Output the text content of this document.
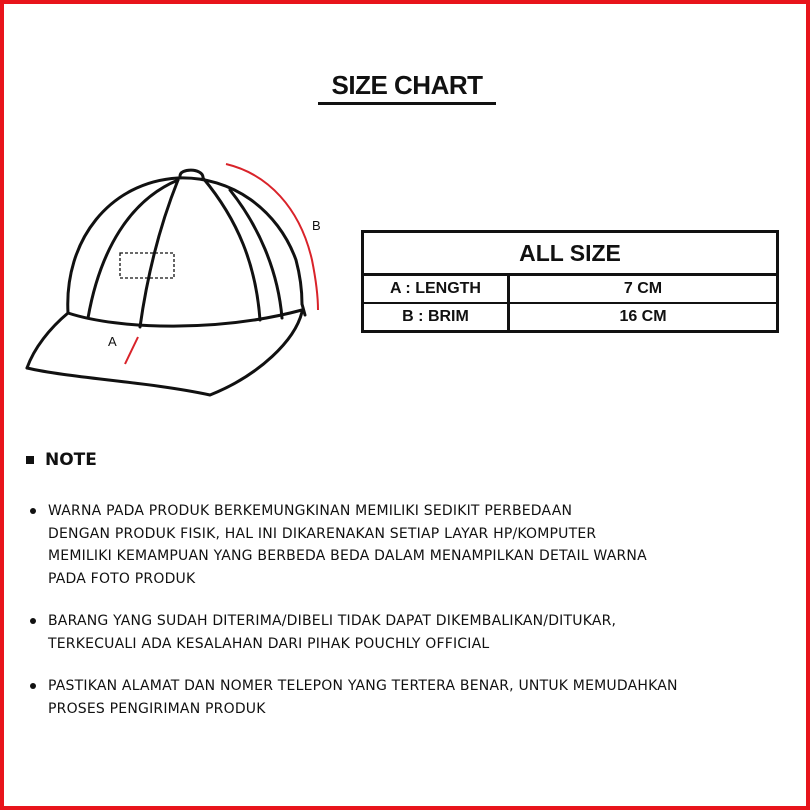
SIZE CHART
B
A
ALL SIZE	
A : LENGTH	7 CM
B : BRIM	16 CM
NOTE
WARNA PADA PRODUK BERKEMUNGKINAN MEMILIKI SEDIKIT PERBEDAAN
DENGAN PRODUK FISIK, HAL INI DIKARENAKAN SETIAP LAYAR HP/KOMPUTER
MEMILIKI KEMAMPUAN YANG BERBEDA BEDA DALAM MENAMPILKAN DETAIL WARNA
PADA FOTO PRODUK
BARANG YANG SUDAH DITERIMA/DIBELI TIDAK DAPAT DIKEMBALIKAN/DITUKAR,
TERKECUALI ADA KESALAHAN DARI PIHAK POUCHLY OFFICIAL
PASTIKAN ALAMAT DAN NOMER TELEPON YANG TERTERA BENAR, UNTUK MEMUDAHKAN
PROSES PENGIRIMAN PRODUK
